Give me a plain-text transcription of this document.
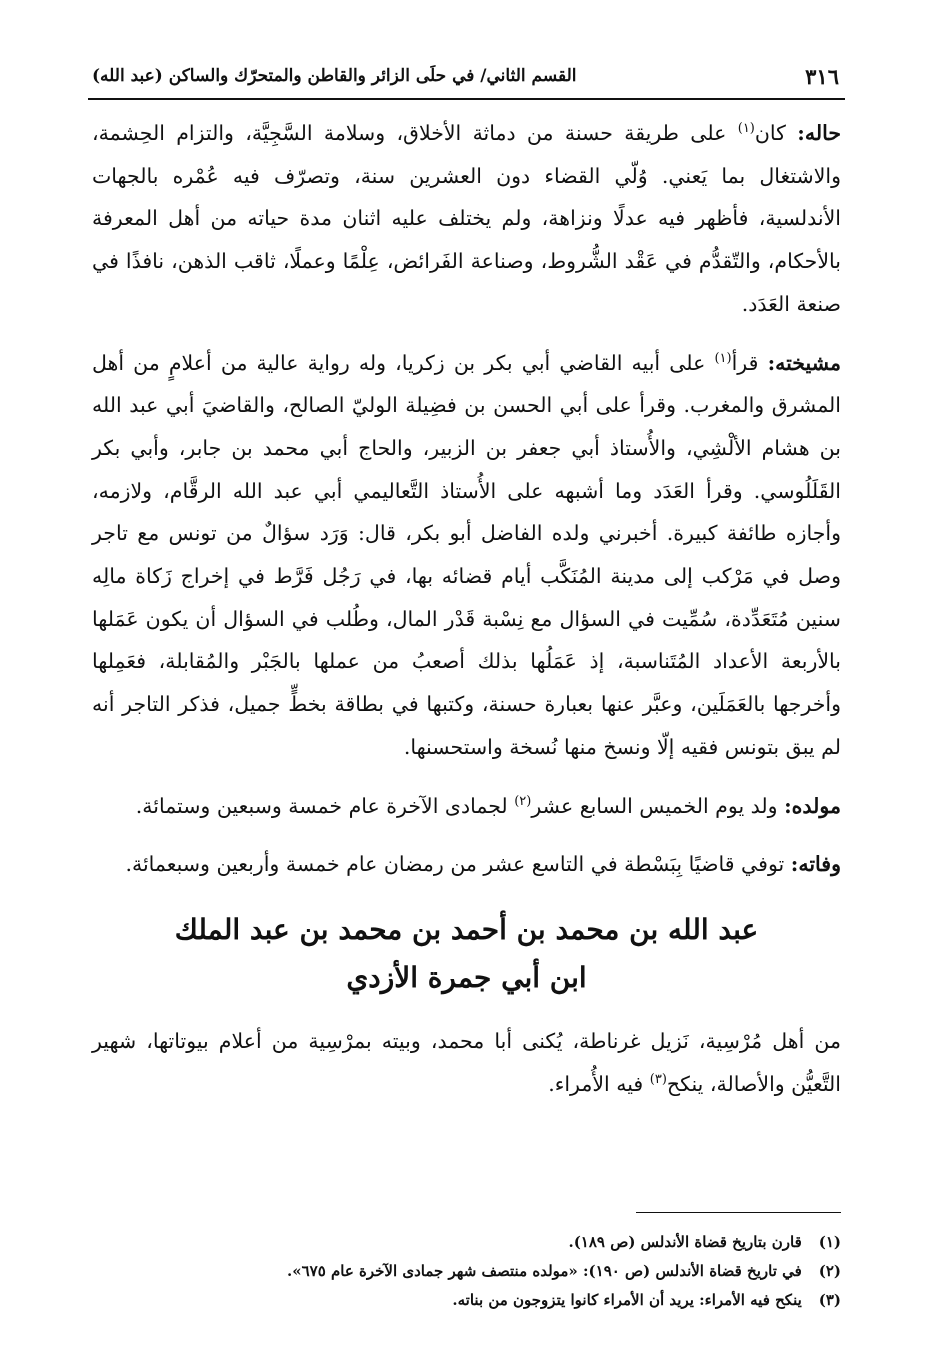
٣١٦
القسم الثاني/ في حلَى الزائر والقاطن والمتحرّك والساكن (عبد الله)

حاله: كان$^{(١)}$ على طريقة حسنة من دماثة الأخلاق، وسلامة السَّجِيَّة، والتزام الحِشمة، والاشتغال بما يَعني. وُلّي القضاء دون العشرين سنة، وتصرّف فيه عُمْره بالجهات الأندلسية، فأظهر فيه عدلًا ونزاهة، ولم يختلف عليه اثنان مدة حياته من أهل المعرفة بالأحكام، والتّقدُّم في عَقْد الشُّروط، وصناعة الفَرائض، عِلْمًا وعملًا، ثاقب الذهن، نافذًا في صنعة العَدَد.

مشيخته: قرأ$^{(١)}$ على أبيه القاضي أبي بكر بن زكريا، وله رواية عالية من أعلامٍ من أهل المشرق والمغرب. وقرأ على أبي الحسن بن فضِيلة الوليّ الصالح، والقاضيَ أبي عبد الله بن هشام الألْشِي، والأُستاذ أبي جعفر بن الزبير، والحاج أبي محمد بن جابر، وأبي بكر القَلَلُوسي. وقرأ العَدَد وما أشبهه على الأُستاذ التَّعاليمي أبي عبد الله الرقَّام، ولازمه، وأجازه طائفة كبيرة. أخبرني ولده الفاضل أبو بكر، قال: وَرَد سؤالٌ من تونس مع تاجر وصل في مَرْكب إلى مدينة المُنَكَّب أيام قضائه بها، في رَجُل فَرَّط في إخراج زَكاة مالِه سنين مُتَعَدِّدة، سُمِّيت في السؤال مع نِسْبة قَدْر المال، وطُلب في السؤال أن يكون عَمَلها بالأربعة الأعداد المُتَناسبة، إذ عَمَلُها بذلك أصعبُ من عملها بالجَبْر والمُقابلة، فعَمِلها وأخرجها بالعَمَلَين، وعبَّر عنها بعبارة حسنة، وكتبها في بطاقة بخطٍّ جميل، فذكر التاجر أنه لم يبق بتونس فقيه إلّا ونسخ منها نُسخة واستحسنها.

مولده: ولد يوم الخميس السابع عشر$^{(٢)}$ لجمادى الآخرة عام خمسة وسبعين وستمائة.

وفاته: توفي قاضيًا بِبَسْطة في التاسع عشر من رمضان عام خمسة وأربعين وسبعمائة.

عبد الله بن محمد بن أحمد بن محمد بن عبد الملك
ابن أبي جمرة الأزدي

من أهل مُرْسِية، نَزيل غرناطة، يُكنى أبا محمد، وبيته بمرْسِية من أعلام بيوتاتها، شهير التَّعيُّن والأصالة، ينكح$^{(٣)}$ فيه الأُمراء.

(١) قارن بتاريخ قضاة الأندلس (ص ١٨٩).
(٢) في تاريخ قضاة الأندلس (ص ١٩٠): «مولده منتصف شهر جمادى الآخرة عام ٦٧٥».
(٣) ينكح فيه الأمراء: يريد أن الأمراء كانوا يتزوجون من بناته.
